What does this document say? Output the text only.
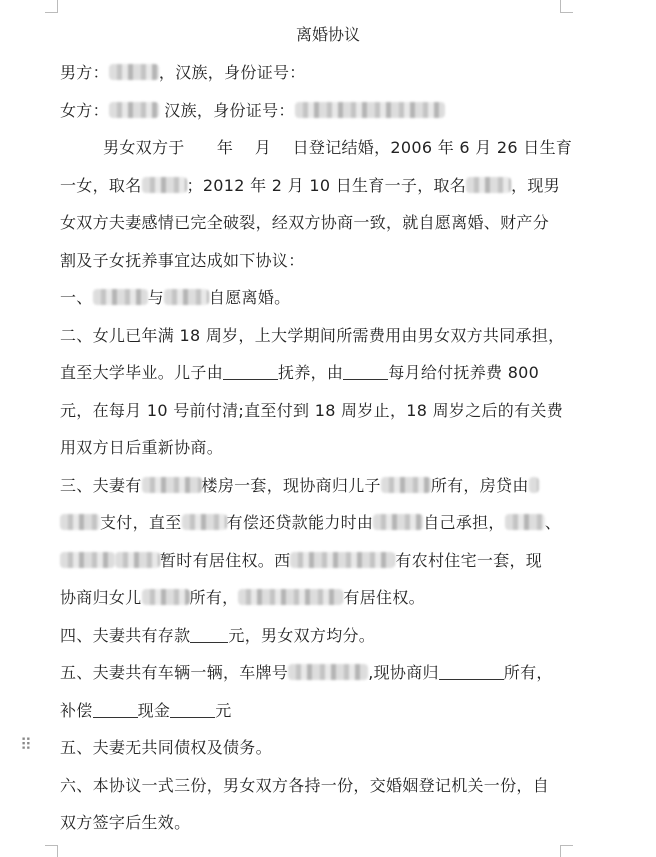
离婚协议
男方：	，汉族，身份证号：
女方：	汉族，身份证号：
男女双方于      年    月    日登记结婚，2006 年 6 月 26 日生育
一女，取名	；2012 年 2 月 10 日生育一子，取名	，现男
女双方夫妻感情已完全破裂，经双方协商一致，就自愿离婚、财产分
割及子女抚养事宜达成如下协议：
一、	与	自愿离婚。
二、女儿已年满 18 周岁，上大学期间所需费用由男女双方共同承担，
直至大学毕业。儿子由	抚养，由	每月给付抚养费 800
元，在每月 10 号前付清;直至付到 18 周岁止，18 周岁之后的有关费
用双方日后重新协商。
三、夫妻有	楼房一套，现协商归儿子	所有，房贷由
支付，直至	有偿还贷款能力时由	自己承担，	、
暂时有居住权。西	有农村住宅一套，现
协商归女儿	所有，	有居住权。
四、夫妻共有存款 元，男女双方均分。
五、夫妻共有车辆一辆，车牌号	,现协商归	所有，
补偿	现金	元
五、夫妻无共同债权及债务。
六、本协议一式三份，男女双方各持一份，交婚姻登记机关一份，自
双方签字后生效。
⠿
